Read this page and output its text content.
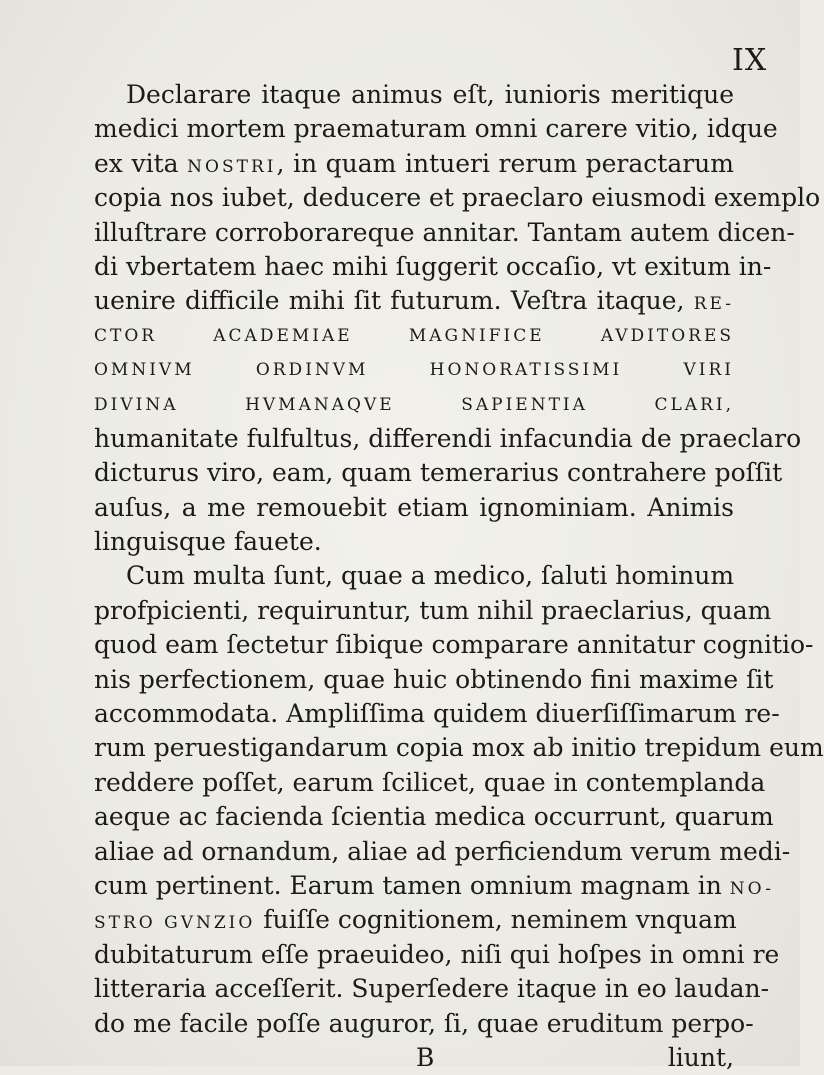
IX
Declarare itaque animus eſt, iunioris meritique
medici mortem praematuram omni carere vitio, idque
ex vita NOSTRI, in quam intueri rerum peractarum
copia nos iubet, deducere et praeclaro eiusmodi exemplo
illuſtrare corroborareque annitar. Tantam autem dicen-
di vbertatem haec mihi ſuggerit occaſio, vt exitum in-
uenire difficile mihi ſit futurum. Veſtra itaque, RE-
CTOR ACADEMIAE MAGNIFICE AVDITORES
OMNIVM ORDINVM HONORATISSIMI VIRI
DIVINA HVMANAQVE SAPIENTIA CLARI,
humanitate fulfultus, differendi infacundia de praeclaro
dicturus viro, eam, quam temerarius contrahere poſſit
auſus, a me remouebit etiam ignominiam. Animis
linguisque fauete.
Cum multa ſunt, quae a medico, ſaluti hominum
profpicienti, requiruntur, tum nihil praeclarius, quam
quod eam ſectetur ſibique comparare annitatur cognitio-
nis perfectionem, quae huic obtinendo fini maxime ſit
accommodata. Ampliſſima quidem diuerſiſſimarum re-
rum peruestigandarum copia mox ab initio trepidum eum
reddere poſſet, earum ſcilicet, quae in contemplanda
aeque ac facienda ſcientia medica occurrunt, quarum
aliae ad ornandum, aliae ad perficiendum verum medi-
cum pertinent. Earum tamen omnium magnam in NO-
STRO GVNZIO fuiſſe cognitionem, neminem vnquam
dubitaturum eſſe praeuideo, niſi qui hoſpes in omni re
litteraria acceſſerit. Superſedere itaque in eo laudan-
do me facile poſſe auguror, ſi, quae eruditum perpo-
B	liunt,
